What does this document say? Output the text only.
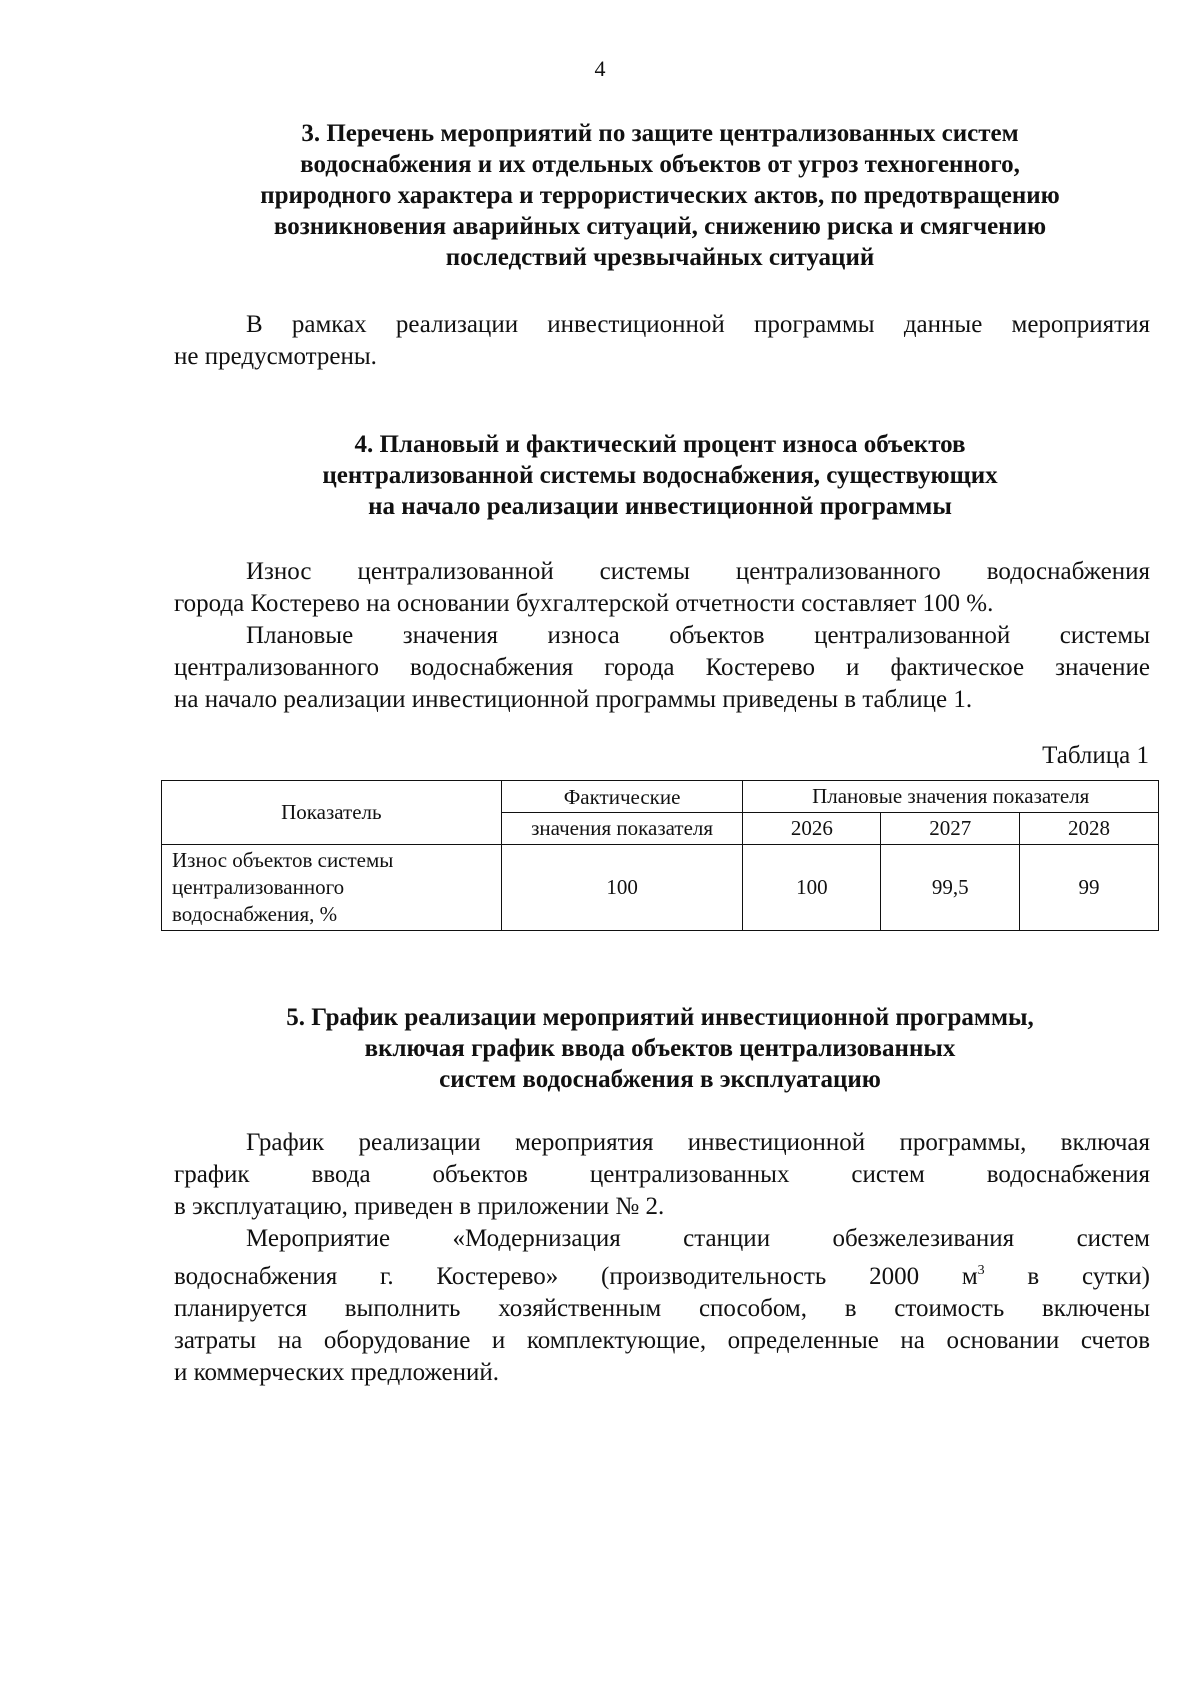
4
3. Перечень мероприятий по защите централизованных систем
водоснабжения и их отдельных объектов от угроз техногенного,
природного характера и террористических актов, по предотвращению
возникновения аварийных ситуаций, снижению риска и смягчению
последствий чрезвычайных ситуаций
В рамках реализации инвестиционной программы данные мероприятия
не предусмотрены.
4. Плановый и фактический процент износа объектов
централизованной системы водоснабжения, существующих
на начало реализации инвестиционной программы
Износ централизованной системы централизованного водоснабжения
города Костерево на основании бухгалтерской отчетности составляет 100 %.
Плановые значения износа объектов централизованной системы
централизованного водоснабжения города Костерево и фактическое значение
на начало реализации инвестиционной программы приведены в таблице 1.
Таблица 1
Показатель	Фактические	Плановые значения показателя		
	значения показателя	2026	2027	2028

Износ объектов системы
централизованного
водоснабжения, %	100	100	99,5	99
5. График реализации мероприятий инвестиционной программы,
включая график ввода объектов централизованных
систем водоснабжения в эксплуатацию
График реализации мероприятия инвестиционной программы, включая
график ввода объектов централизованных систем водоснабжения
в эксплуатацию, приведен в приложении № 2.
Мероприятие «Модернизация станции обезжелезивания систем
водоснабжения г. Костерево» (производительность 2000 $м^3$ в сутки)
планируется выполнить хозяйственным способом, в стоимость включены
затраты на оборудование и комплектующие, определенные на основании счетов
и коммерческих предложений.
